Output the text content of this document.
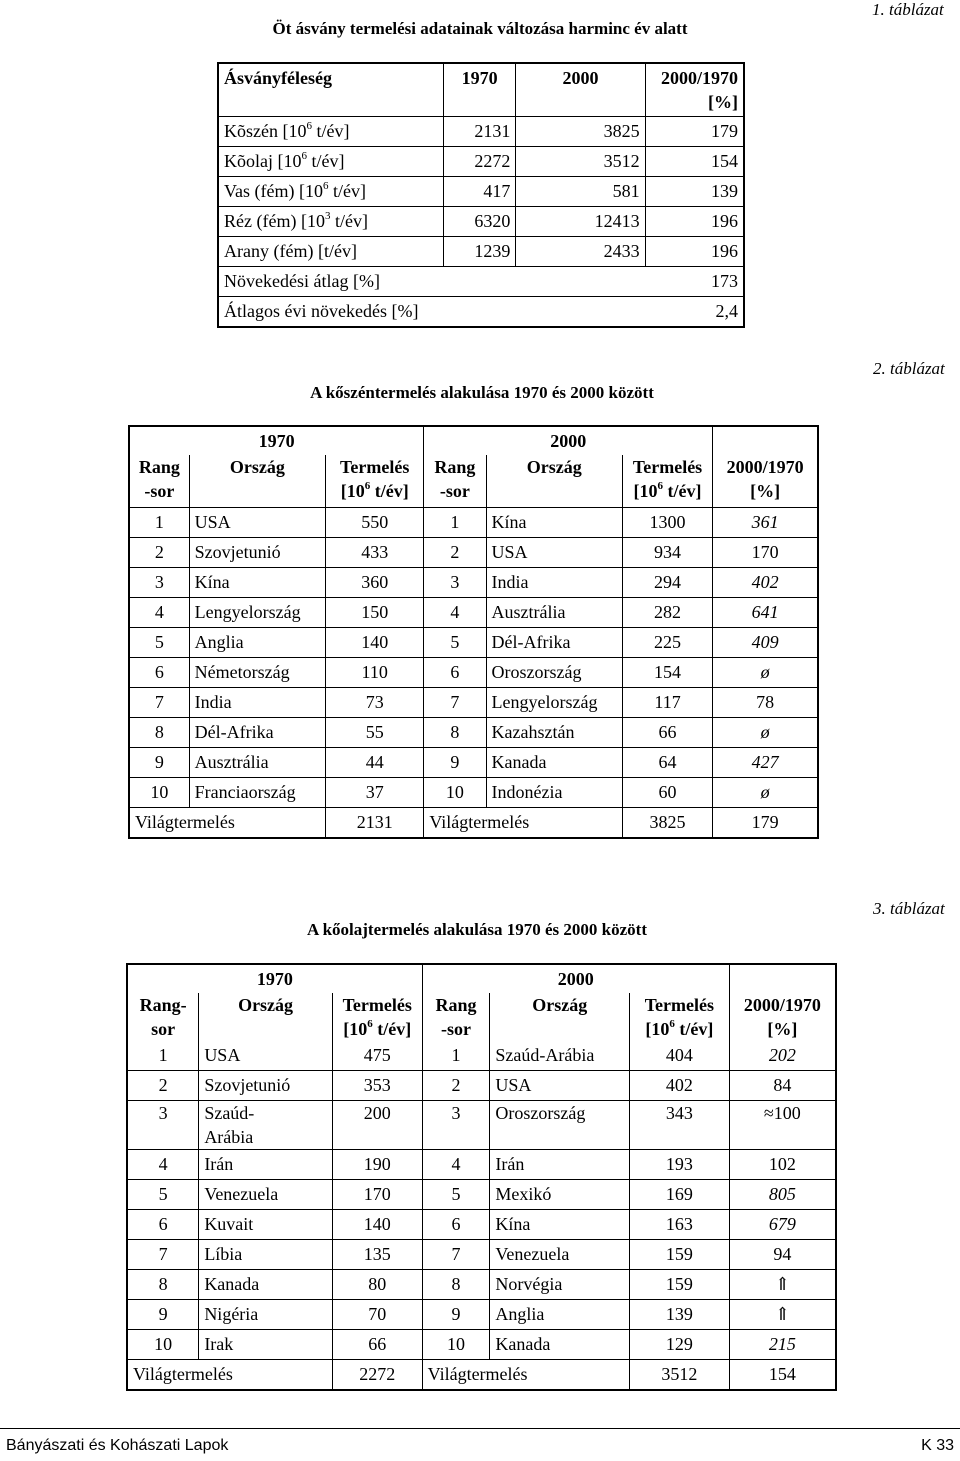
1. táblázat
Öt ásvány termelési adatainak változása harminc év alatt
Ásványféleség	1970	2000	2000/1970
[%]
Kõszén [$10^6$ t/év]	2131	3825	179
Kõolaj [$10^6$ t/év]	2272	3512	154
Vas (fém) [$10^6$ t/év]	417	581	139
Réz (fém) [$10^3$ t/év]	6320	12413	196
Arany (fém) [t/év]	1239	2433	196
Növekedési átlag [%]			173
Átlagos évi növekedés [%]			2,4
2. táblázat
A kőszéntermelés alakulása 1970 és 2000 között
1970			2000			
Rang
-sor	Ország	Termelés
[$10^6$ t/év]	Rang
-sor	Ország	Termelés
[$10^6$ t/év]	2000/1970
[%]
1	USA	550	1	Kína	1300	361
2	Szovjetunió	433	2	USA	934	170
3	Kína	360	3	India	294	402
4	Lengyelország	150	4	Ausztrália	282	641
5	Anglia	140	5	Dél-Afrika	225	409
6	Németország	110	6	Oroszország	154	ø
7	India	73	7	Lengyelország	117	78
8	Dél-Afrika	55	8	Kazahsztán	66	ø
9	Ausztrália	44	9	Kanada	64	427
10	Franciaország	37	10	Indonézia	60	ø
Világtermelés		2131	Világtermelés		3825	179
3. táblázat
A kőolajtermelés alakulása 1970 és 2000 között
1970			2000			
Rang-
sor	Ország	Termelés
[$10^6$ t/év]	Rang
-sor	Ország	Termelés
[$10^6$ t/év]	2000/1970
[%]
1	USA	475	1	Szaúd-Arábia	404	202
2	Szovjetunió	353	2	USA	402	84
3	Szaúd-
Arábia	200	3	Oroszország	343	≈100
4	Irán	190	4	Irán	193	102
5	Venezuela	170	5	Mexikó	169	805
6	Kuvait	140	6	Kína	163	679
7	Líbia	135	7	Venezuela	159	94
8	Kanada	80	8	Norvégia	159	⇑
9	Nigéria	70	9	Anglia	139	⇑
10	Irak	66	10	Kanada	129	215
Világtermelés		2272	Világtermelés		3512	154
Bányászati és Kohászati Lapok	K 33
